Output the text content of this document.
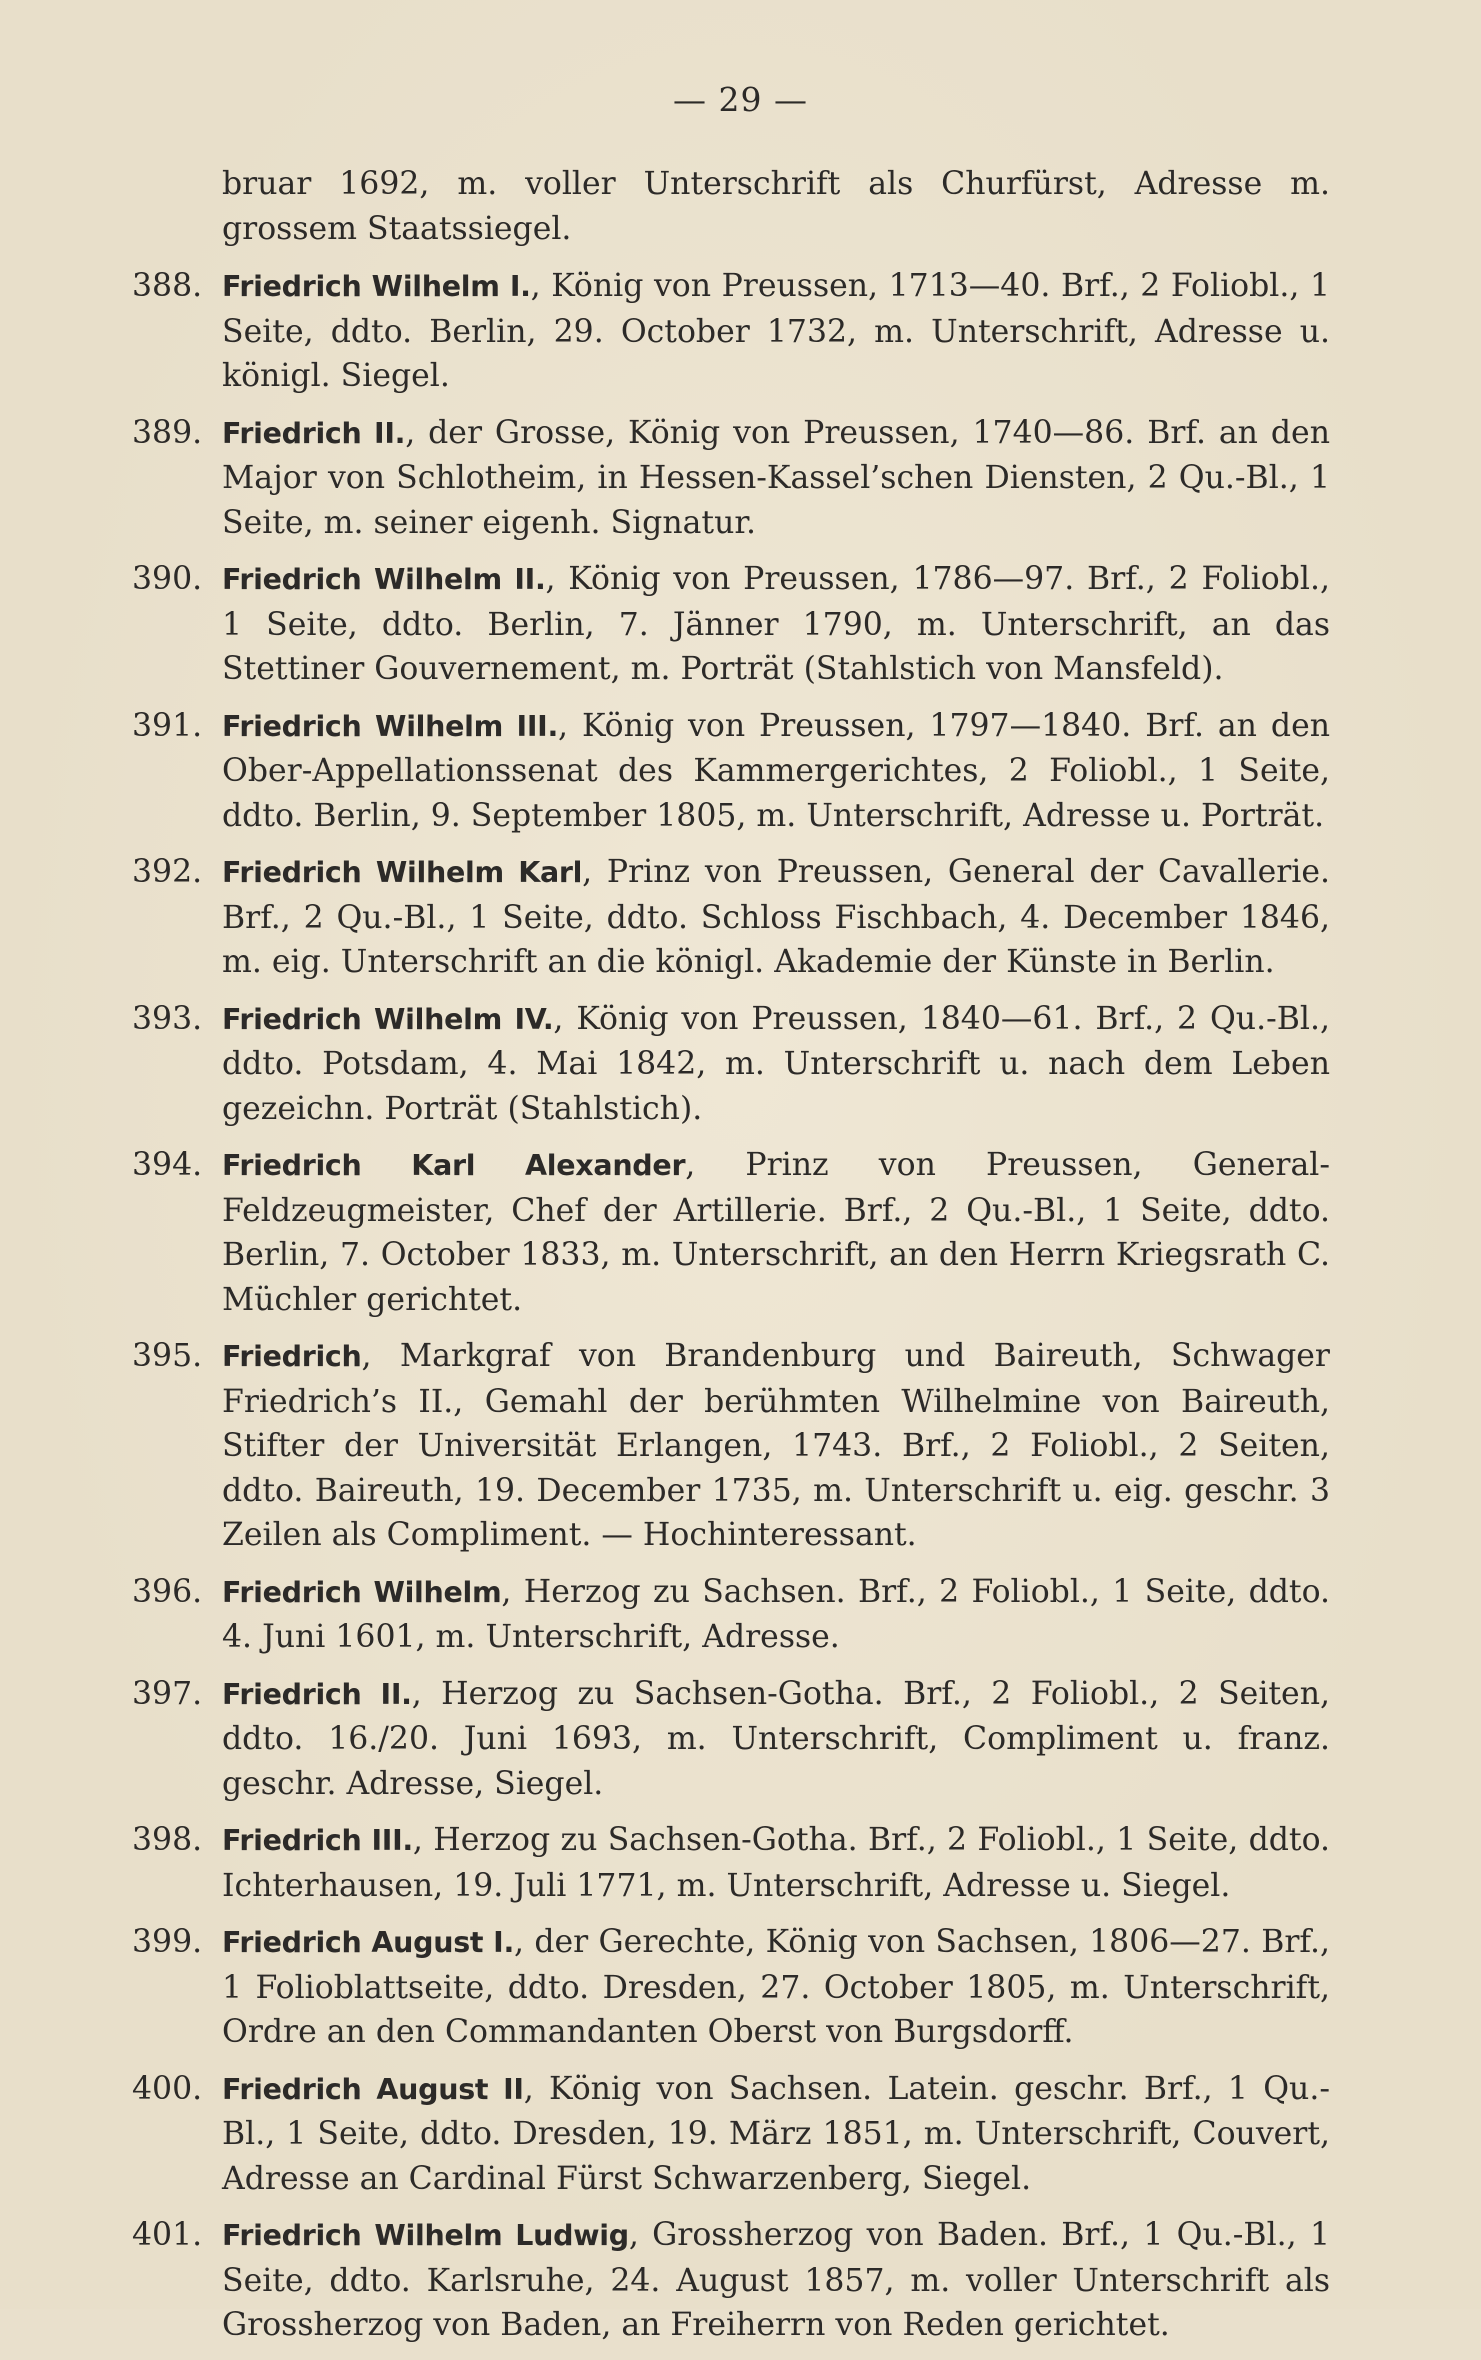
— 29 —
bruar 1692, m. voller Unterschrift als Churfürst, Adresse m. grossem Staatssiegel.
388. Friedrich Wilhelm I., König von Preussen, 1713—40. Brf., 2 Foliobl., 1 Seite, ddto. Berlin, 29. October 1732, m. Unterschrift, Adresse u. königl. Siegel.
389. Friedrich II., der Grosse, König von Preussen, 1740—86. Brf. an den Major von Schlotheim, in Hessen-Kassel’schen Diensten, 2 Qu.-Bl., 1 Seite, m. seiner eigenh. Signatur.
390. Friedrich Wilhelm II., König von Preussen, 1786—97. Brf., 2 Foliobl., 1 Seite, ddto. Berlin, 7. Jänner 1790, m. Unterschrift, an das Stettiner Gouvernement, m. Porträt (Stahlstich von Mansfeld).
391. Friedrich Wilhelm III., König von Preussen, 1797—1840. Brf. an den Ober-Appellationssenat des Kammergerichtes, 2 Foliobl., 1 Seite, ddto. Berlin, 9. September 1805, m. Unterschrift, Adresse u. Porträt.
392. Friedrich Wilhelm Karl, Prinz von Preussen, General der Cavallerie. Brf., 2 Qu.-Bl., 1 Seite, ddto. Schloss Fischbach, 4. December 1846, m. eig. Unterschrift an die königl. Akademie der Künste in Berlin.
393. Friedrich Wilhelm IV., König von Preussen, 1840—61. Brf., 2 Qu.-Bl., ddto. Potsdam, 4. Mai 1842, m. Unterschrift u. nach dem Leben gezeichn. Porträt (Stahlstich).
394. Friedrich Karl Alexander, Prinz von Preussen, General-Feldzeugmeister, Chef der Artillerie. Brf., 2 Qu.-Bl., 1 Seite, ddto. Berlin, 7. October 1833, m. Unterschrift, an den Herrn Kriegsrath C. Müchler gerichtet.
395. Friedrich, Markgraf von Brandenburg und Baireuth, Schwager Friedrich’s II., Gemahl der berühmten Wilhelmine von Baireuth, Stifter der Universität Erlangen, 1743. Brf., 2 Foliobl., 2 Seiten, ddto. Baireuth, 19. December 1735, m. Unterschrift u. eig. geschr. 3 Zeilen als Compliment. — Hochinteressant.
396. Friedrich Wilhelm, Herzog zu Sachsen. Brf., 2 Foliobl., 1 Seite, ddto. 4. Juni 1601, m. Unterschrift, Adresse.
397. Friedrich II., Herzog zu Sachsen-Gotha. Brf., 2 Foliobl., 2 Seiten, ddto. 16./20. Juni 1693, m. Unterschrift, Compliment u. franz. geschr. Adresse, Siegel.
398. Friedrich III., Herzog zu Sachsen-Gotha. Brf., 2 Foliobl., 1 Seite, ddto. Ichterhausen, 19. Juli 1771, m. Unterschrift, Adresse u. Siegel.
399. Friedrich August I., der Gerechte, König von Sachsen, 1806—27. Brf., 1 Folioblattseite, ddto. Dresden, 27. October 1805, m. Unterschrift, Ordre an den Commandanten Oberst von Burgsdorff.
400. Friedrich August II, König von Sachsen. Latein. geschr. Brf., 1 Qu.-Bl., 1 Seite, ddto. Dresden, 19. März 1851, m. Unterschrift, Couvert, Adresse an Cardinal Fürst Schwarzenberg, Siegel.
401. Friedrich Wilhelm Ludwig, Grossherzog von Baden. Brf., 1 Qu.-Bl., 1 Seite, ddto. Karlsruhe, 24. August 1857, m. voller Unterschrift als Grossherzog von Baden, an Freiherrn von Reden gerichtet.
